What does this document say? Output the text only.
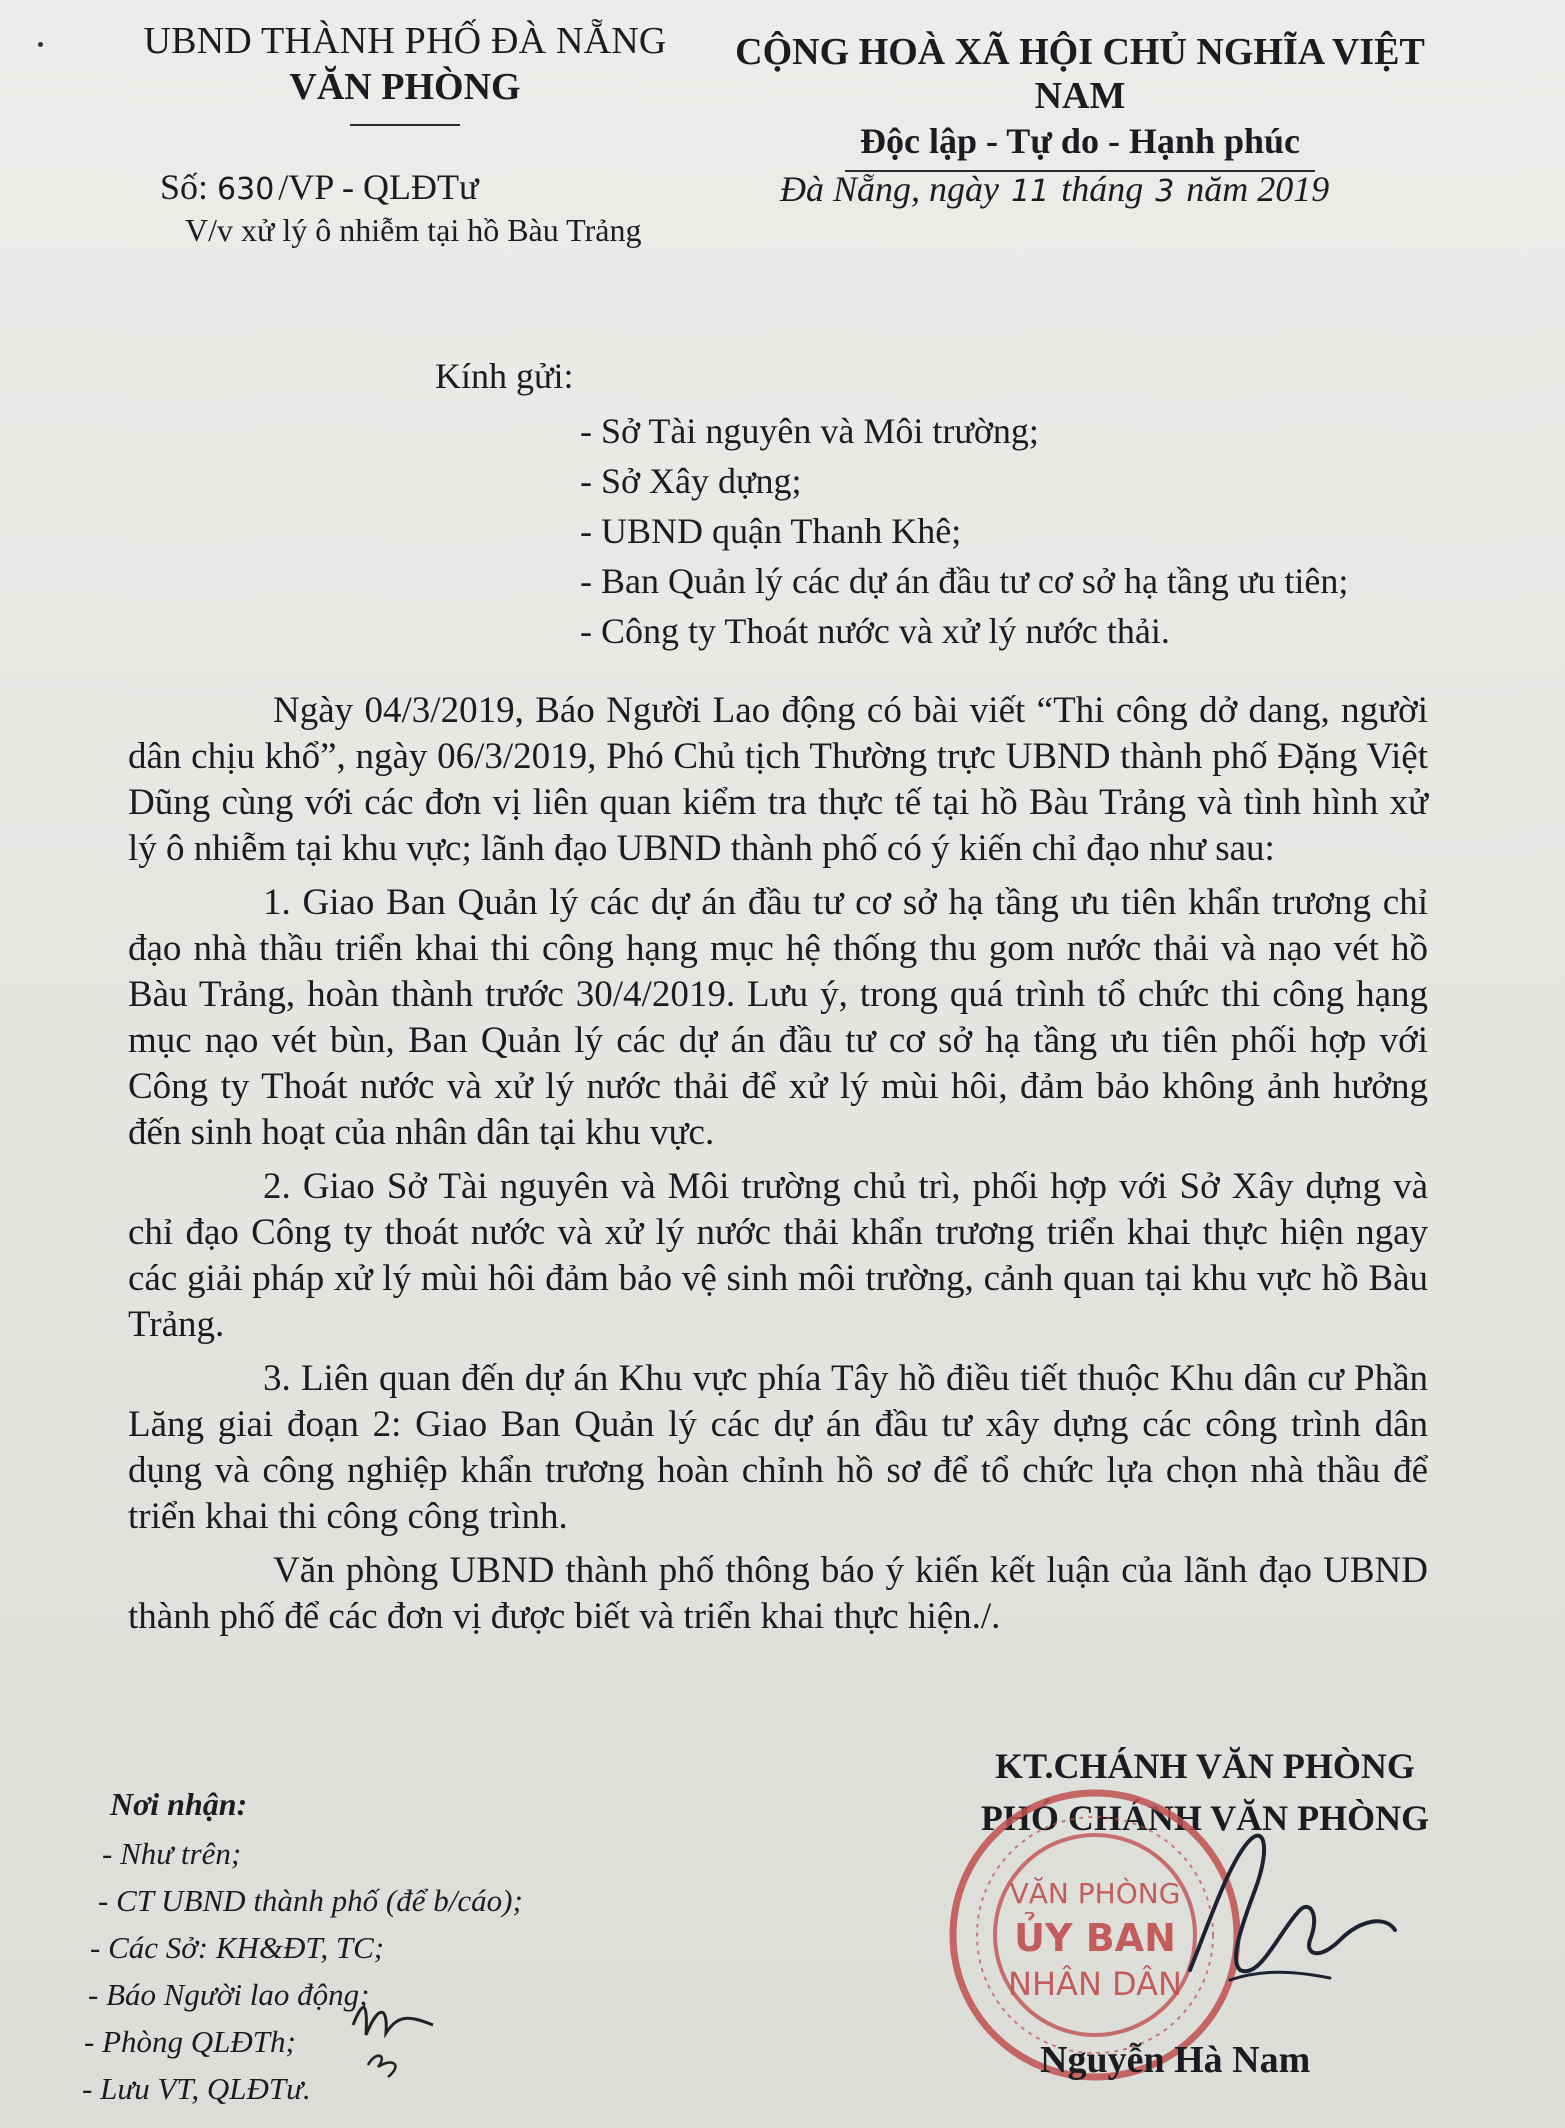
UBND THÀNH PHỐ ĐÀ NẴNG
VĂN PHÒNG
CỘNG HOÀ XÃ HỘI CHỦ NGHĨA VIỆT NAM
Độc lập - Tự do - Hạnh phúc
Số: 630 /VP - QLĐTư
V/v xử lý ô nhiễm tại hồ Bàu Trảng
Đà Nẵng, ngày 11 tháng 3 năm 2019
Kính gửi:
- Sở Tài nguyên và Môi trường;
- Sở Xây dựng;
- UBND quận Thanh Khê;
- Ban Quản lý các dự án đầu tư cơ sở hạ tầng ưu tiên;
- Công ty Thoát nước và xử lý nước thải.

Ngày 04/3/2019, Báo Người Lao động có bài viết “Thi công dở dang, người dân chịu khổ”, ngày 06/3/2019, Phó Chủ tịch Thường trực UBND thành phố Đặng Việt Dũng cùng với các đơn vị liên quan kiểm tra thực tế tại hồ Bàu Trảng và tình hình xử lý ô nhiễm tại khu vực; lãnh đạo UBND thành phố có ý kiến chỉ đạo như sau:

1. Giao Ban Quản lý các dự án đầu tư cơ sở hạ tầng ưu tiên khẩn trương chỉ đạo nhà thầu triển khai thi công hạng mục hệ thống thu gom nước thải và nạo vét hồ Bàu Trảng, hoàn thành trước 30/4/2019. Lưu ý, trong quá trình tổ chức thi công hạng mục nạo vét bùn, Ban Quản lý các dự án đầu tư cơ sở hạ tầng ưu tiên phối hợp với Công ty Thoát nước và xử lý nước thải để xử lý mùi hôi, đảm bảo không ảnh hưởng đến sinh hoạt của nhân dân tại khu vực.

2. Giao Sở Tài nguyên và Môi trường chủ trì, phối hợp với Sở Xây dựng và chỉ đạo Công ty thoát nước và xử lý nước thải khẩn trương triển khai thực hiện ngay các giải pháp xử lý mùi hôi đảm bảo vệ sinh môi trường, cảnh quan tại khu vực hồ Bàu Trảng.

3. Liên quan đến dự án Khu vực phía Tây hồ điều tiết thuộc Khu dân cư Phần Lăng giai đoạn 2: Giao Ban Quản lý các dự án đầu tư xây dựng các công trình dân dụng và công nghiệp khẩn trương hoàn chỉnh hồ sơ để tổ chức lựa chọn nhà thầu để triển khai thi công công trình.

Văn phòng UBND thành phố thông báo ý kiến kết luận của lãnh đạo UBND thành phố để các đơn vị được biết và triển khai thực hiện./.

Nơi nhận:
- Như trên;
- CT UBND thành phố (để b/cáo);
- Các Sở: KH&ĐT, TC;
- Báo Người lao động;
- Phòng QLĐTh;
- Lưu VT, QLĐTư.
KT.CHÁNH VĂN PHÒNG
PHÓ CHÁNH VĂN PHÒNG
VĂN PHÒNG
ỦY BAN
NHÂN DÂN
Nguyễn Hà Nam
